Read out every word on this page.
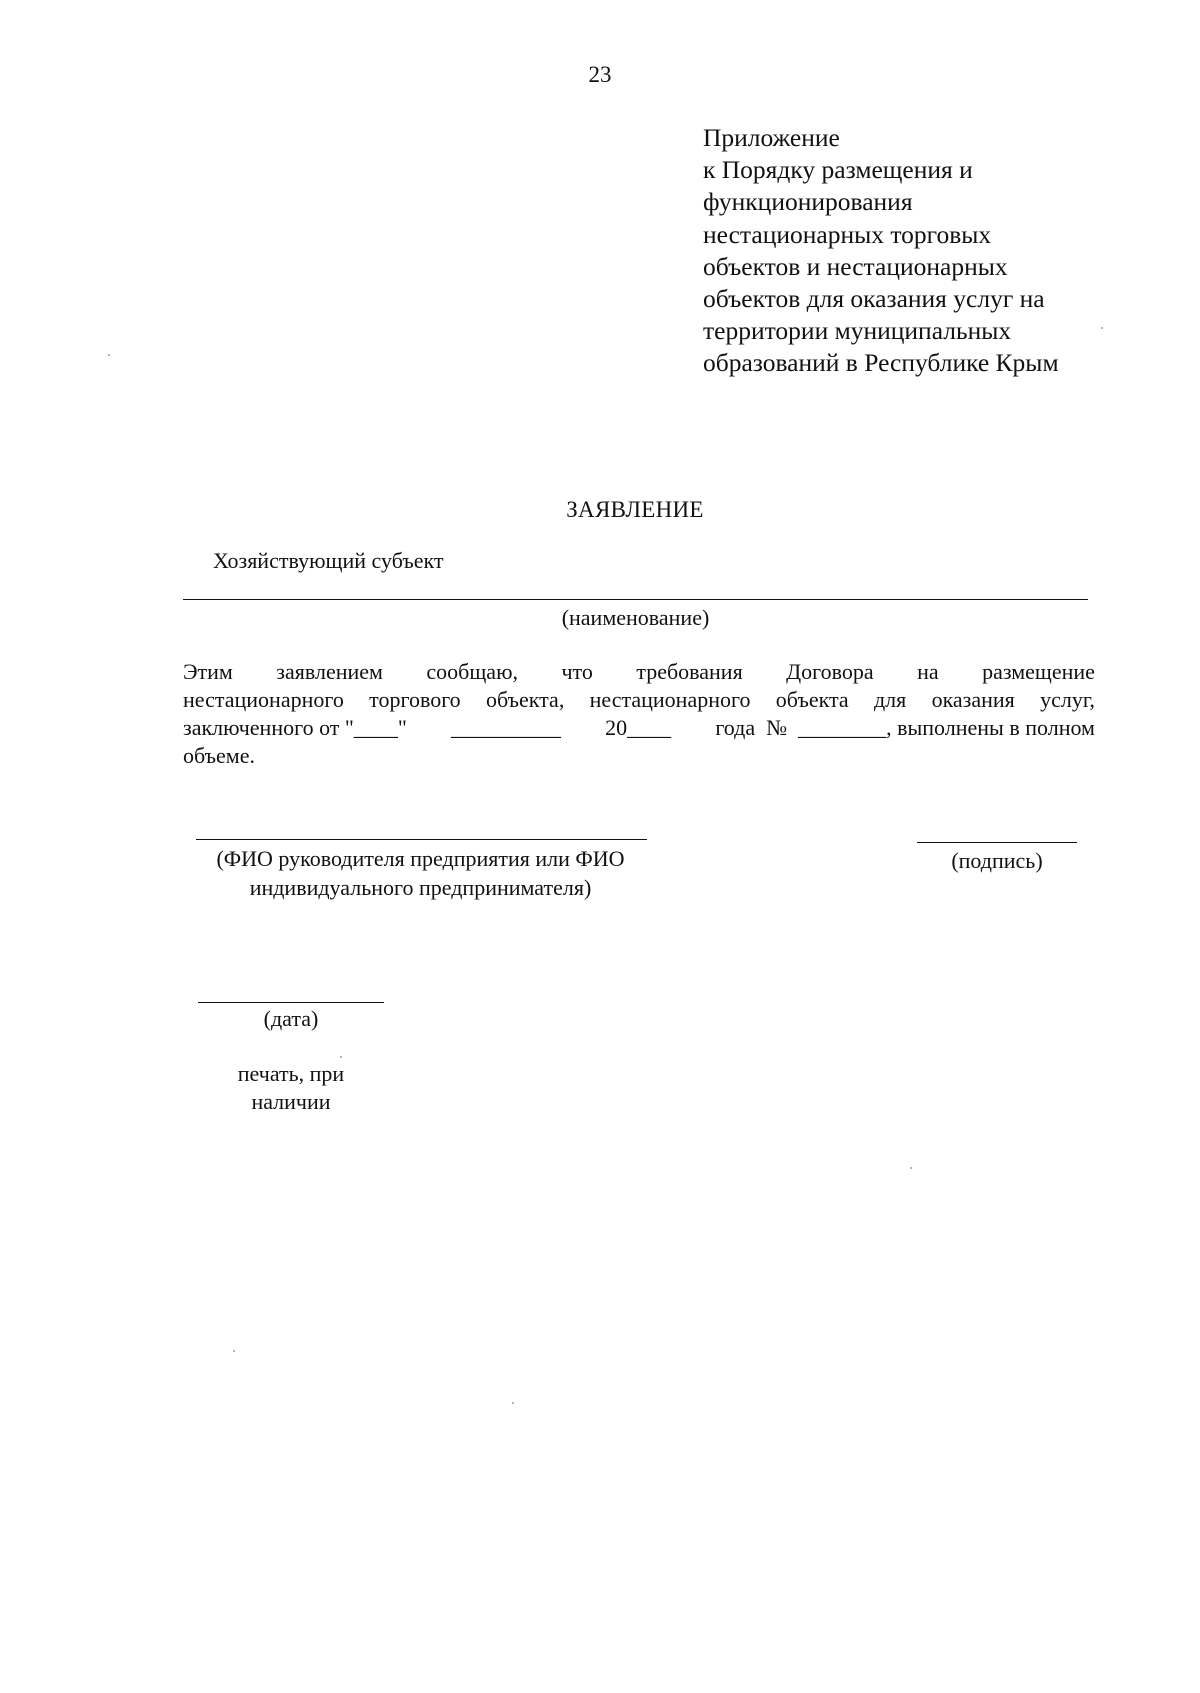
23
Приложение
к Порядку размещения и
функционирования
нестационарных торговых
объектов и нестационарных
объектов для оказания услуг на
территории муниципальных
образований в Республике Крым
ЗАЯВЛЕНИЕ
Хозяйствующий субъект
(наименование)
Этим заявлением сообщаю, что требования Договора на размещение
нестационарного торгового объекта, нестационарного объекта для оказания услуг,
заключенного от "____" __________ 20____ года  №  ________, выполнены в полном
объеме.
(ФИО руководителя предприятия или ФИО
индивидуального предпринимателя)
(подпись)
(дата)
печать, при
наличии
